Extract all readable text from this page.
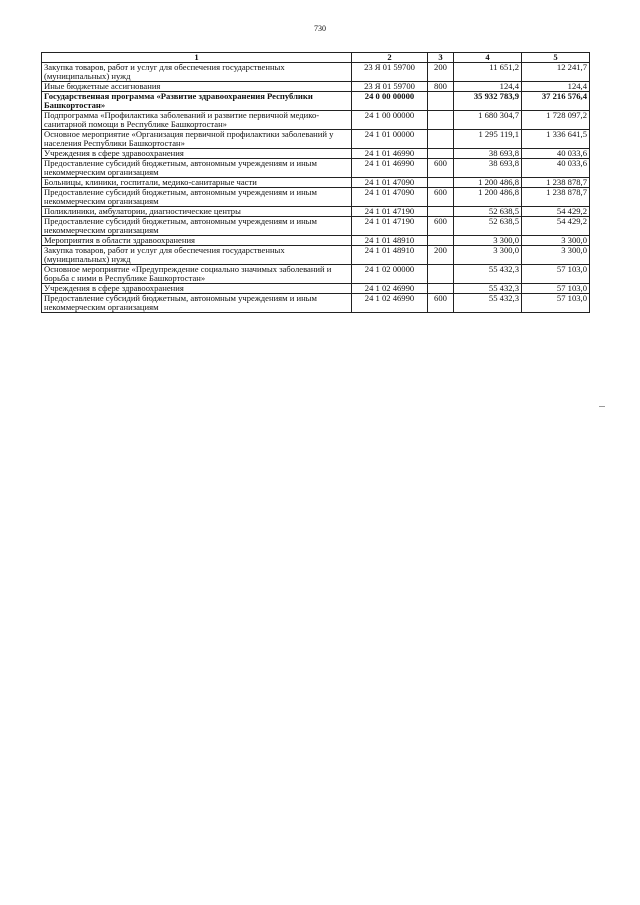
730
1	2	3	4	5
Закупка товаров, работ и услуг для обеспечения государственных (муниципальных) нужд	23 Я 01 59700	200	11 651,2	12 241,7
Иные бюджетные ассигнования	23 Я 01 59700	800	124,4	124,4
Государственная программа «Развитие здравоохранения Республики Башкортостан»	24 0 00 00000		35 932 783,9	37 216 576,4
Подпрограмма «Профилактика заболеваний и развитие первичной медико-санитарной помощи в Республике Башкортостан»	24 1 00 00000		1 680 304,7	1 728 097,2
Основное мероприятие «Организация первичной профилактики заболеваний у населения Республики Башкортостан»	24 1 01 00000		1 295 119,1	1 336 641,5
Учреждения в сфере здравоохранения	24 1 01 46990		38 693,8	40 033,6
Предоставление субсидий бюджетным, автономным учреждениям и иным некоммерческим организациям	24 1 01 46990	600	38 693,8	40 033,6
Больницы, клиники, госпитали, медико-санитарные части	24 1 01 47090		1 200 486,8	1 238 878,7
Предоставление субсидий бюджетным, автономным учреждениям и иным некоммерческим организациям	24 1 01 47090	600	1 200 486,8	1 238 878,7
Поликлиники, амбулатории, диагностические центры	24 1 01 47190		52 638,5	54 429,2
Предоставление субсидий бюджетным, автономным учреждениям и иным некоммерческим организациям	24 1 01 47190	600	52 638,5	54 429,2
Мероприятия в области здравоохранения	24 1 01 48910		3 300,0	3 300,0
Закупка товаров, работ и услуг для обеспечения государственных (муниципальных) нужд	24 1 01 48910	200	3 300,0	3 300,0
Основное мероприятие «Предупреждение социально значимых заболеваний и борьба с ними в Республике Башкортостан»	24 1 02 00000		55 432,3	57 103,0
Учреждения в сфере здравоохранения	24 1 02 46990		55 432,3	57 103,0
Предоставление субсидий бюджетным, автономным учреждениям и иным некоммерческим организациям	24 1 02 46990	600	55 432,3	57 103,0
